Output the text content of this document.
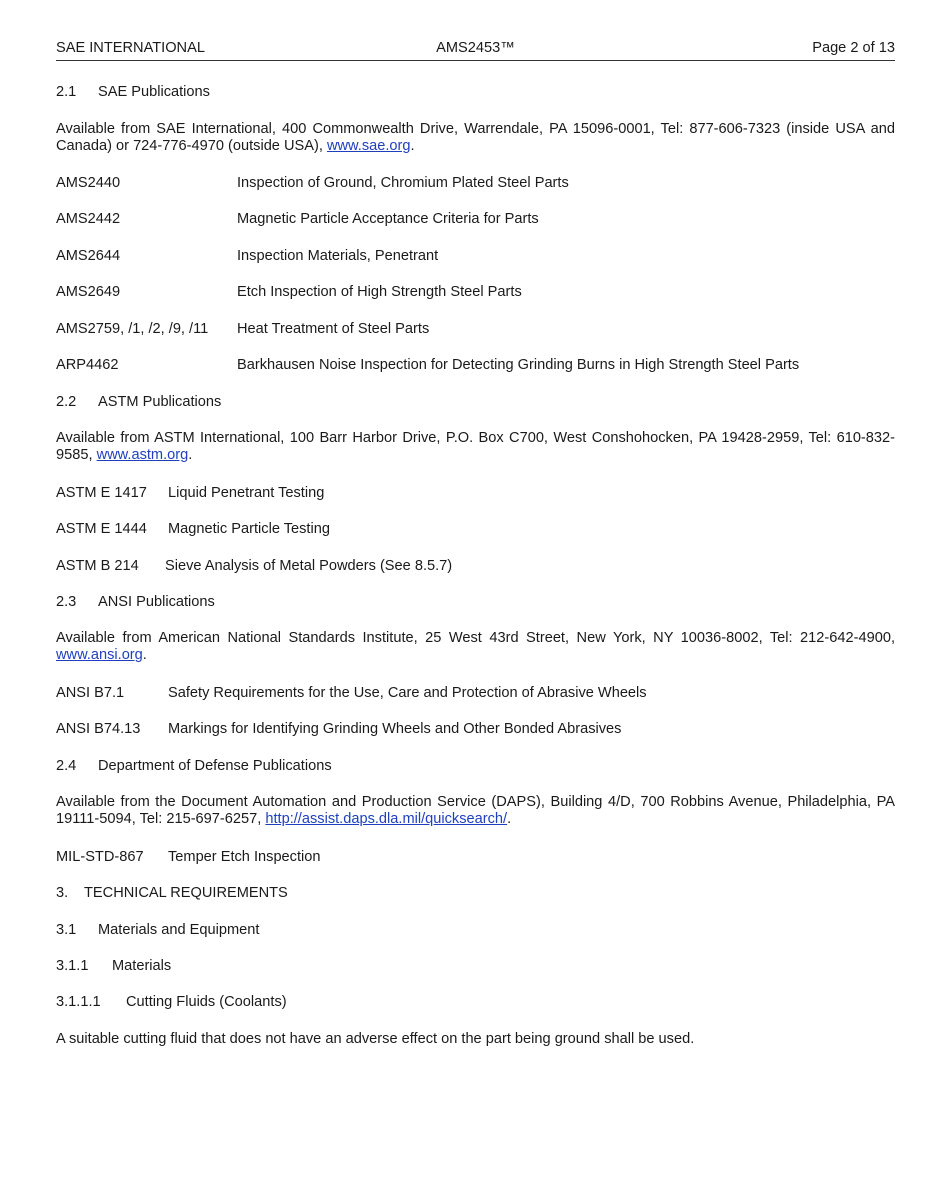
SAE INTERNATIONAL	AMS2453™	Page 2 of 13
2.1 SAE Publications
Available from SAE International, 400 Commonwealth Drive, Warrendale, PA 15096-0001, Tel: 877-606-7323 (inside USA and Canada) or 724-776-4970 (outside USA), www.sae.org.
AMS2440	Inspection of Ground, Chromium Plated Steel Parts
AMS2442	Magnetic Particle Acceptance Criteria for Parts
AMS2644	Inspection Materials, Penetrant
AMS2649	Etch Inspection of High Strength Steel Parts
AMS2759, /1, /2, /9, /11 Heat Treatment of Steel Parts
ARP4462	Barkhausen Noise Inspection for Detecting Grinding Burns in High Strength Steel Parts
2.2 ASTM Publications
Available from ASTM International, 100 Barr Harbor Drive, P.O. Box C700, West Conshohocken, PA 19428-2959, Tel: 610-832-9585, www.astm.org.
ASTM E 1417 Liquid Penetrant Testing
ASTM E 1444 Magnetic Particle Testing
ASTM B 214 Sieve Analysis of Metal Powders (See 8.5.7)
2.3 ANSI Publications
Available from American National Standards Institute, 25 West 43rd Street, New York, NY 10036-8002, Tel: 212-642-4900, www.ansi.org.
ANSI B7.1	Safety Requirements for the Use, Care and Protection of Abrasive Wheels
ANSI B74.13 Markings for Identifying Grinding Wheels and Other Bonded Abrasives
2.4 Department of Defense Publications
Available from the Document Automation and Production Service (DAPS), Building 4/D, 700 Robbins Avenue, Philadelphia, PA 19111-5094, Tel: 215-697-6257, http://assist.daps.dla.mil/quicksearch/.
MIL-STD-867 Temper Etch Inspection
3. TECHNICAL REQUIREMENTS
3.1 Materials and Equipment
3.1.1 Materials
3.1.1.1 Cutting Fluids (Coolants)
A suitable cutting fluid that does not have an adverse effect on the part being ground shall be used.
